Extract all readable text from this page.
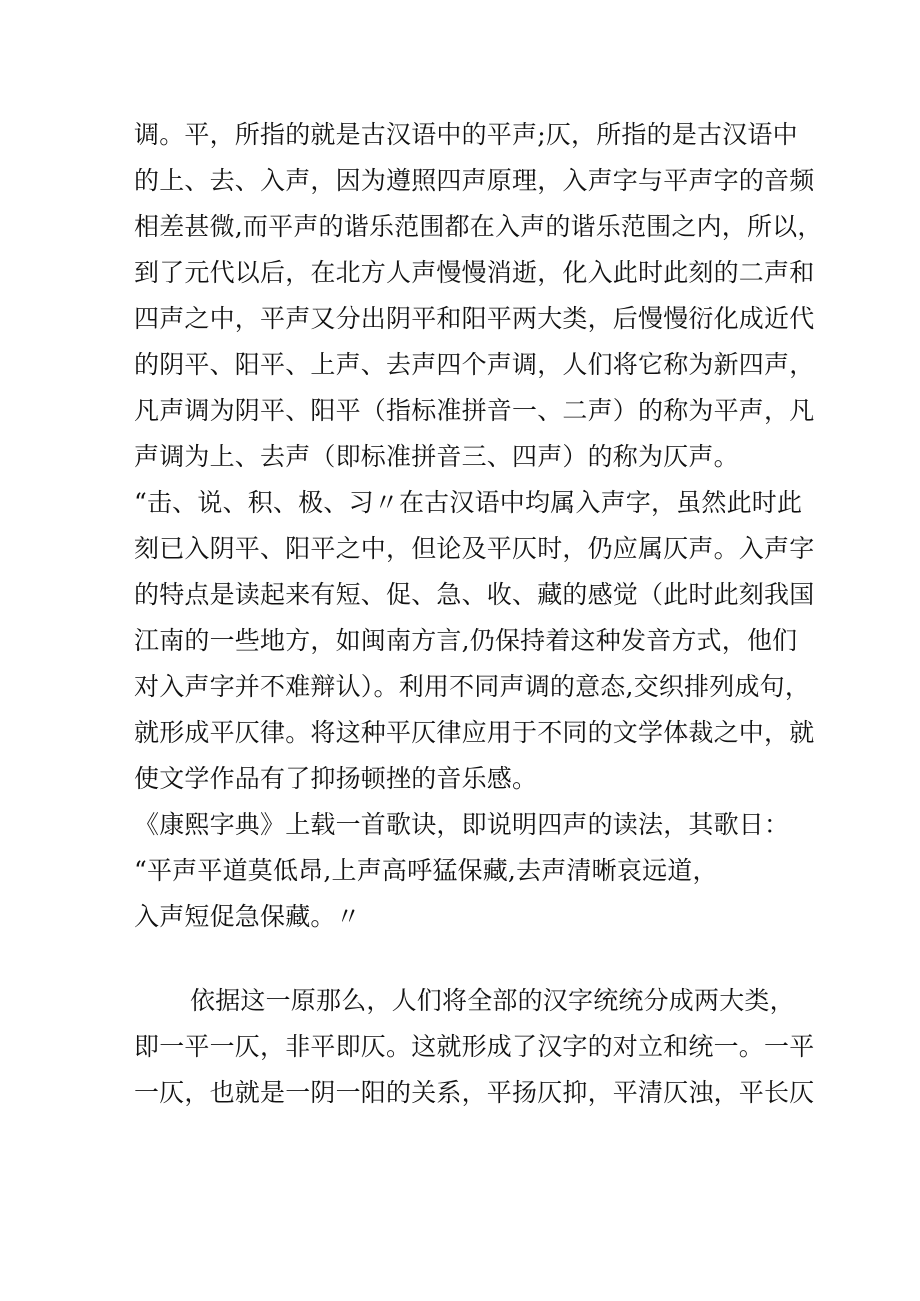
调。平，所指的就是古汉语中的平声;仄，所指的是古汉语中
的上、去、入声，因为遵照四声原理，入声字与平声字的音频
相差甚微,而平声的谐乐范围都在入声的谐乐范围之内，所以，
到了元代以后，在北方人声慢慢消逝，化入此时此刻的二声和
四声之中，平声又分出阴平和阳平两大类，后慢慢衍化成近代
的阴平、阳平、上声、去声四个声调，人们将它称为新四声，
凡声调为阴平、阳平（指标准拼音一、二声）的称为平声，凡
声调为上、去声（即标准拼音三、四声）的称为仄声。
“击、说、积、极、习〃在古汉语中均属入声字，虽然此时此
刻已入阴平、阳平之中，但论及平仄时，仍应属仄声。入声字
的特点是读起来有短、促、急、收、藏的感觉（此时此刻我国
江南的一些地方，如闽南方言,仍保持着这种发音方式，他们
对入声字并不难辩认）。利用不同声调的意态,交织排列成句，
就形成平仄律。将这种平仄律应用于不同的文学体裁之中，就
使文学作品有了抑扬顿挫的音乐感。
《康熙字典》上载一首歌诀，即说明四声的读法，其歌日：
“平声平道莫低昂,上声高呼猛保藏,去声清晰哀远道，
入声短促急保藏。〃
依据这一原那么，人们将全部的汉字统统分成两大类，
即一平一仄，非平即仄。这就形成了汉字的对立和统一。一平
一仄，也就是一阴一阳的关系，平扬仄抑，平清仄浊，平长仄
